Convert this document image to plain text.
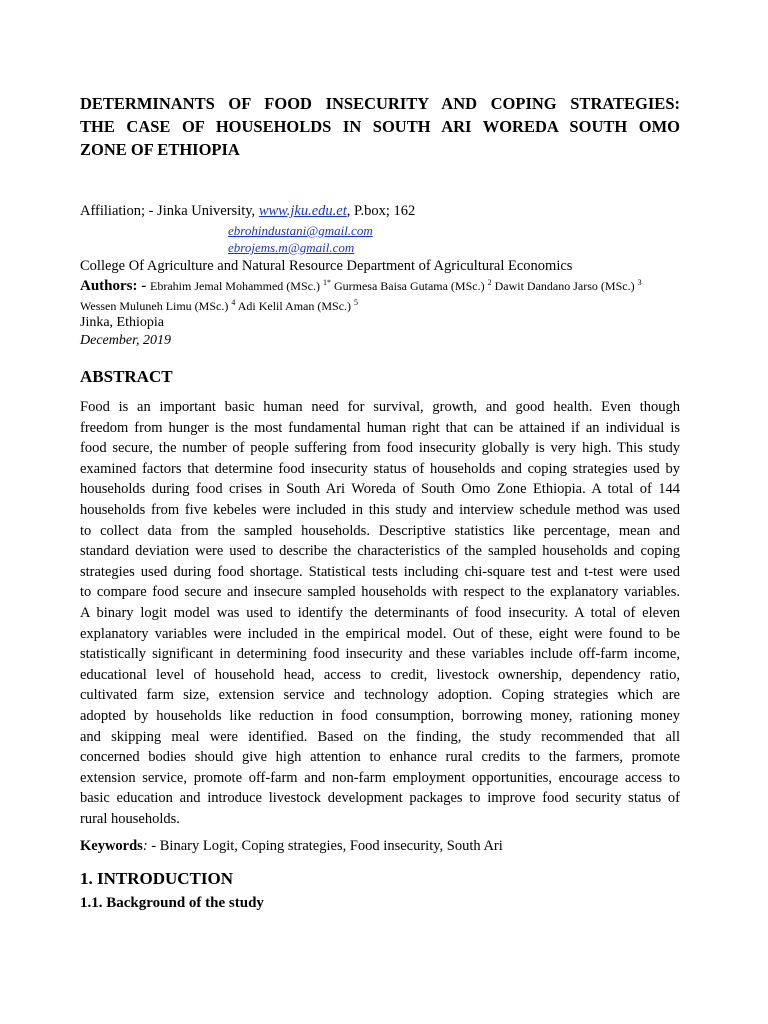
DETERMINANTS OF FOOD INSECURITY AND COPING STRATEGIES:
THE CASE OF HOUSEHOLDS IN SOUTH ARI WOREDA SOUTH OMO
ZONE OF ETHIOPIA
Affiliation; - Jinka University, www.jku.edu.et, P.box; 162
ebrohindustani@gmail.com
ebrojems.m@gmail.com
College Of Agriculture and Natural Resource Department of Agricultural Economics
Authors: - Ebrahim Jemal Mohammed (MSc.) $^{1*}$ Gurmesa Baisa Gutama (MSc.) $^2$ Dawit Dandano Jarso (MSc.) $^3$
Wessen Muluneh Limu (MSc.) $^4$ Adi Kelil Aman (MSc.) $^5$
Jinka, Ethiopia
December, 2019
ABSTRACT
Food is an important basic human need for survival, growth, and good health. Even though
freedom from hunger is the most fundamental human right that can be attained if an individual is
food secure, the number of people suffering from food insecurity globally is very high. This study
examined factors that determine food insecurity status of households and coping strategies used by
households during food crises in South Ari Woreda of South Omo Zone Ethiopia. A total of 144
households from five kebeles were included in this study and interview schedule method was used
to collect data from the sampled households. Descriptive statistics like percentage, mean and
standard deviation were used to describe the characteristics of the sampled households and coping
strategies used during food shortage. Statistical tests including chi-square test and t-test were used
to compare food secure and insecure sampled households with respect to the explanatory variables.
A binary logit model was used to identify the determinants of food insecurity. A total of eleven
explanatory variables were included in the empirical model. Out of these, eight were found to be
statistically significant in determining food insecurity and these variables include off-farm income,
educational level of household head, access to credit, livestock ownership, dependency ratio,
cultivated farm size, extension service and technology adoption. Coping strategies which are
adopted by households like reduction in food consumption, borrowing money, rationing money
and skipping meal were identified. Based on the finding, the study recommended that all
concerned bodies should give high attention to enhance rural credits to the farmers, promote
extension service, promote off-farm and non-farm employment opportunities, encourage access to
basic education and introduce livestock development packages to improve food security status of
rural households.
Keywords: - Binary Logit, Coping strategies, Food insecurity, South Ari
1. INTRODUCTION
1.1. Background of the study
